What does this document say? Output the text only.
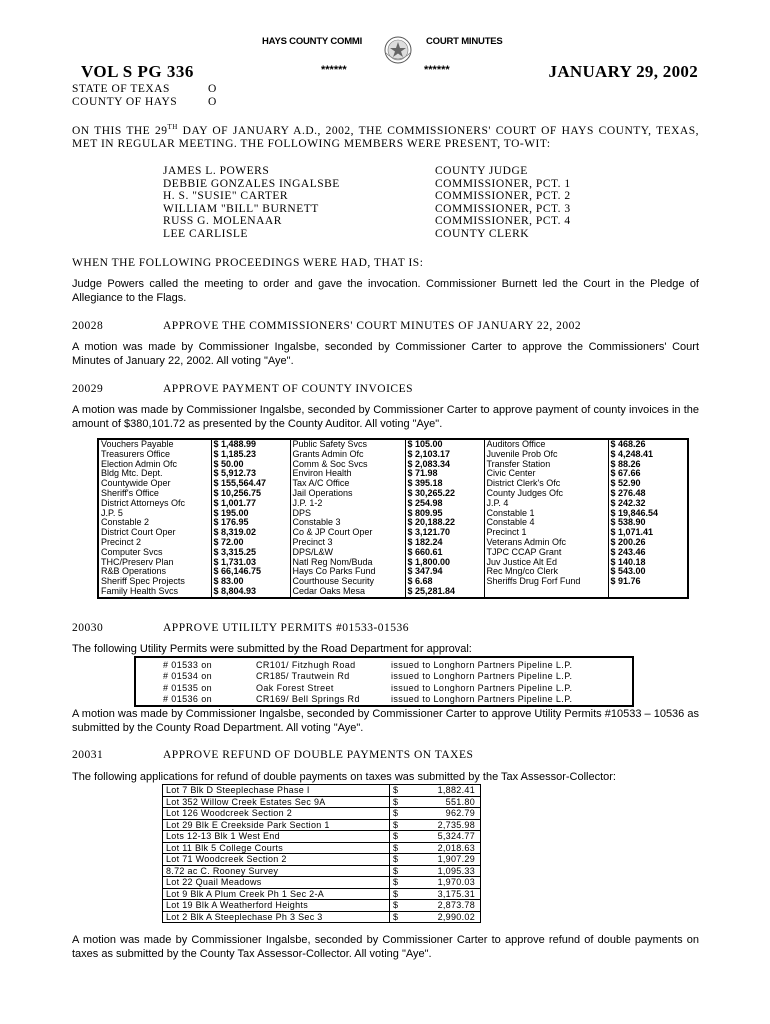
HAYS COUNTY COMMI	COURT MINUTES
VOL S PG 336	******	******	JANUARY 29, 2002
STATE OF TEXAS	O
COUNTY OF HAYS	O
ON THIS THE 29TH DAY OF JANUARY A.D., 2002, THE COMMISSIONERS' COURT OF HAYS COUNTY, TEXAS, MET IN REGULAR MEETING. THE FOLLOWING MEMBERS WERE PRESENT, TO-WIT:
JAMES L. POWERS	COUNTY JUDGE
DEBBIE GONZALES INGALSBE	COMMISSIONER, PCT. 1
H. S. "SUSIE" CARTER	COMMISSIONER, PCT. 2
WILLIAM "BILL" BURNETT	COMMISSIONER, PCT. 3
RUSS G. MOLENAAR	COMMISSIONER, PCT. 4
LEE CARLISLE	COUNTY CLERK
WHEN THE FOLLOWING PROCEEDINGS WERE HAD, THAT IS:
Judge Powers called the meeting to order and gave the invocation. Commissioner Burnett led the Court in the Pledge of Allegiance to the Flags.
20028	APPROVE THE COMMISSIONERS' COURT MINUTES OF JANUARY 22, 2002
A motion was made by Commissioner Ingalsbe, seconded by Commissioner Carter to approve the Commissioners' Court Minutes of January 22, 2002. All voting "Aye".
20029	APPROVE PAYMENT OF COUNTY INVOICES
A motion was made by Commissioner Ingalsbe, seconded by Commissioner Carter to approve payment of county invoices in the amount of $380,101.72 as presented by the County Auditor. All voting "Aye".
Vouchers Payable	$ 1,488.99	Public Safety Svcs	$ 105.00	Auditors Office	$ 468.26
Treasurers Office	$ 1,185.23	Grants Admin Ofc	$ 2,103.17	Juvenile Prob Ofc	$ 4,248.41
Election Admin Ofc	$ 50.00	Comm & Soc Svcs	$ 2,083.34	Transfer Station	$ 88.26
Bldg Mtc. Dept.	$ 5,912.73	Environ Health	$ 71.98	Civic Center	$ 67.66
Countywide Oper	$ 155,564.47	Tax A/C Office	$ 395.18	District Clerk's Ofc	$ 52.90
Sheriff's Office	$ 10,256.75	Jail Operations	$ 30,265.22	County Judges Ofc	$ 276.48
District Attorneys Ofc	$ 1,001.77	J.P. 1-2	$ 254.98	J.P. 4	$ 242.32
J.P. 5	$ 195.00	DPS	$ 809.95	Constable 1	$ 19,846.54
Constable 2	$ 176.95	Constable 3	$ 20,188.22	Constable 4	$ 538.90
District Court Oper	$ 8,319.02	Co & JP Court Oper	$ 3,121.70	Precinct 1	$ 1,071.41
Precinct 2	$ 72.00	Precinct 3	$ 182.24	Veterans Admin Ofc	$ 200.26
Computer Svcs	$ 3,315.25	DPS/L&W	$ 660.61	TJPC CCAP Grant	$ 243.46
THC/Preserv Plan	$ 1,731.03	Natl Reg Nom/Buda	$ 1,800.00	Juv Justice Alt Ed	$ 140.18
R&B Operations	$ 66,146.75	Hays Co Parks Fund	$ 347.94	Rec Mng/co Clerk	$ 543.00
Sheriff Spec Projects	$ 83.00	Courthouse Security	$ 6.68	Sheriffs Drug Forf Fund	$ 91.76
Family Health Svcs	$ 8,804.93	Cedar Oaks Mesa	$ 25,281.84		
20030	APPROVE UTILILTY PERMITS #01533-01536
The following Utility Permits were submitted by the Road Department for approval:
# 01533 on	CR101/ Fitzhugh Road	issued to Longhorn Partners Pipeline L.P.
# 01534 on	CR185/ Trautwein Rd	issued to Longhorn Partners Pipeline L.P.
# 01535 on	Oak Forest Street	issued to Longhorn Partners Pipeline L.P.
# 01536 on	CR169/ Bell Springs Rd	issued to Longhorn Partners Pipeline L.P.
A motion was made by Commissioner Ingalsbe, seconded by Commissioner Carter to approve Utility Permits #10533 – 10536 as submitted by the County Road Department. All voting "Aye".
20031	APPROVE REFUND OF DOUBLE PAYMENTS ON TAXES
The following applications for refund of double payments on taxes was submitted by the Tax Assessor-Collector:
Lot 7 Blk D Steeplechase Phase I	$ 1,882.41

Lot 352 Willow Creek Estates Sec 9A	$ 551.80

Lot 126 Woodcreek Section 2	$ 962.79

Lot 29 Blk E Creekside Park Section 1	$ 2,735.98

Lots 12-13 Blk 1 West End	$ 5,324.77

Lot 11 Blk 5 College Courts	$ 2,018.63

Lot 71 Woodcreek Section 2	$ 1,907.29

8.72 ac C. Rooney Survey	$ 1,095.33

Lot 22 Quail Meadows	$ 1,970.03

Lot 9 Blk A Plum Creek Ph 1 Sec 2-A	$ 3,175.31

Lot 19 Blk A Weatherford Heights	$ 2,873.78

Lot 2 Blk A Steeplechase Ph 3 Sec 3	$ 2,990.02
A motion was made by Commissioner Ingalsbe, seconded by Commissioner Carter to approve refund of double payments on taxes as submitted by the County Tax Assessor-Collector. All voting "Aye".
